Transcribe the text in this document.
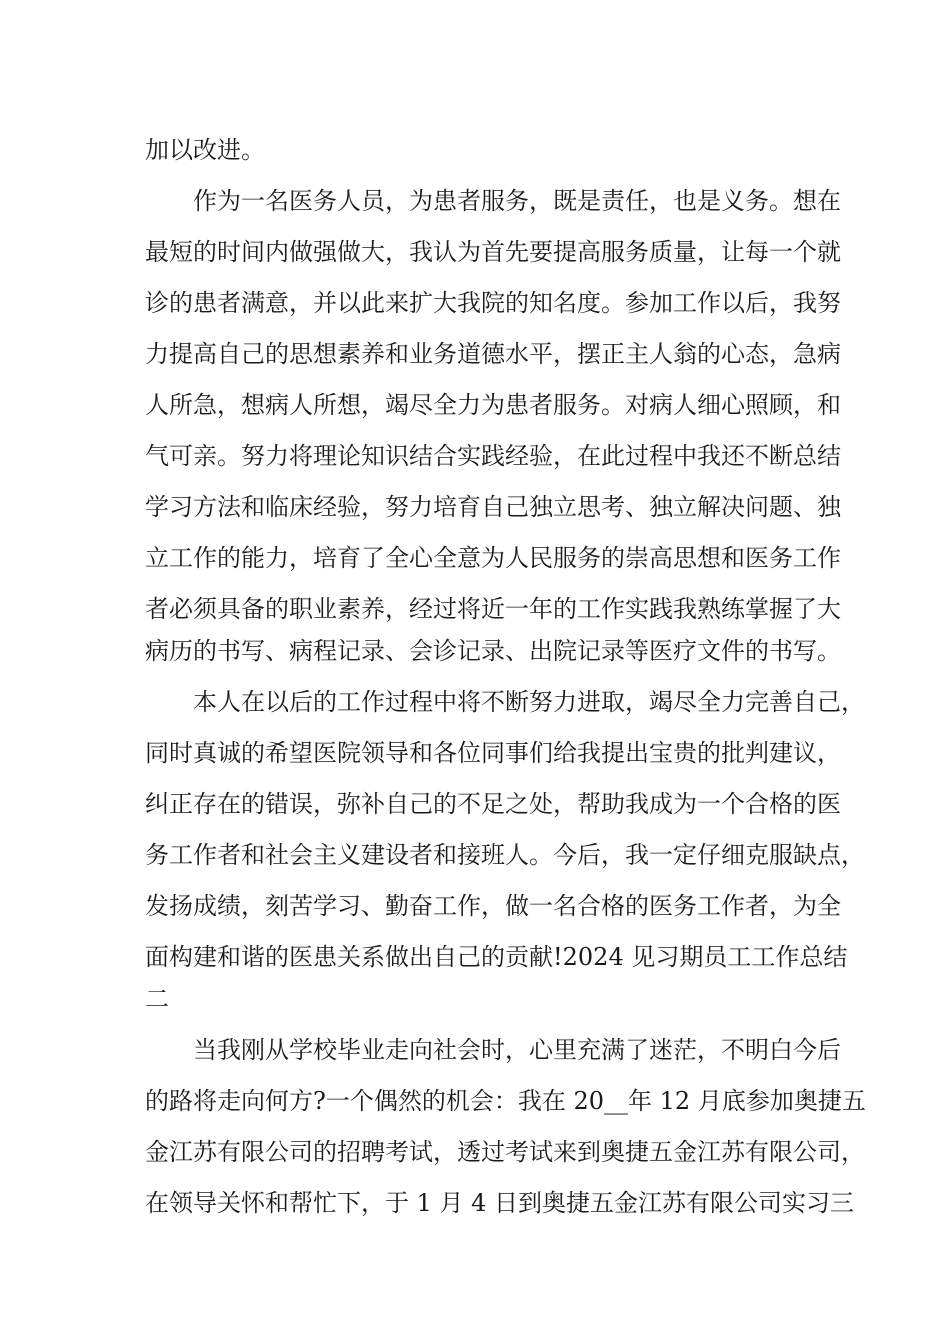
加以改进。
作为一名医务人员，为患者服务，既是责任，也是义务。想在
最短的时间内做强做大，我认为首先要提高服务质量，让每一个就
诊的患者满意，并以此来扩大我院的知名度。参加工作以后，我努
力提高自己的思想素养和业务道德水平，摆正主人翁的心态，急病
人所急，想病人所想，竭尽全力为患者服务。对病人细心照顾，和
气可亲。努力将理论知识结合实践经验，在此过程中我还不断总结
学习方法和临床经验，努力培育自己独立思考、独立解决问题、独
立工作的能力，培育了全心全意为人民服务的崇高思想和医务工作
者必须具备的职业素养，经过将近一年的工作实践我熟练掌握了大
病历的书写、病程记录、会诊记录、出院记录等医疗文件的书写。
本人在以后的工作过程中将不断努力进取，竭尽全力完善自己，
同时真诚的希望医院领导和各位同事们给我提出宝贵的批判建议，
纠正存在的错误，弥补自己的不足之处，帮助我成为一个合格的医
务工作者和社会主义建设者和接班人。今后，我一定仔细克服缺点，
发扬成绩，刻苦学习、勤奋工作，做一名合格的医务工作者，为全
面构建和谐的医患关系做出自己的贡献!2024 见习期员工工作总结
二
当我刚从学校毕业走向社会时，心里充满了迷茫，不明白今后
的路将走向何方?一个偶然的机会：我在 20__年 12 月底参加奥捷五
金江苏有限公司的招聘考试，透过考试来到奥捷五金江苏有限公司，
在领导关怀和帮忙下，于 1 月 4 日到奥捷五金江苏有限公司实习三
